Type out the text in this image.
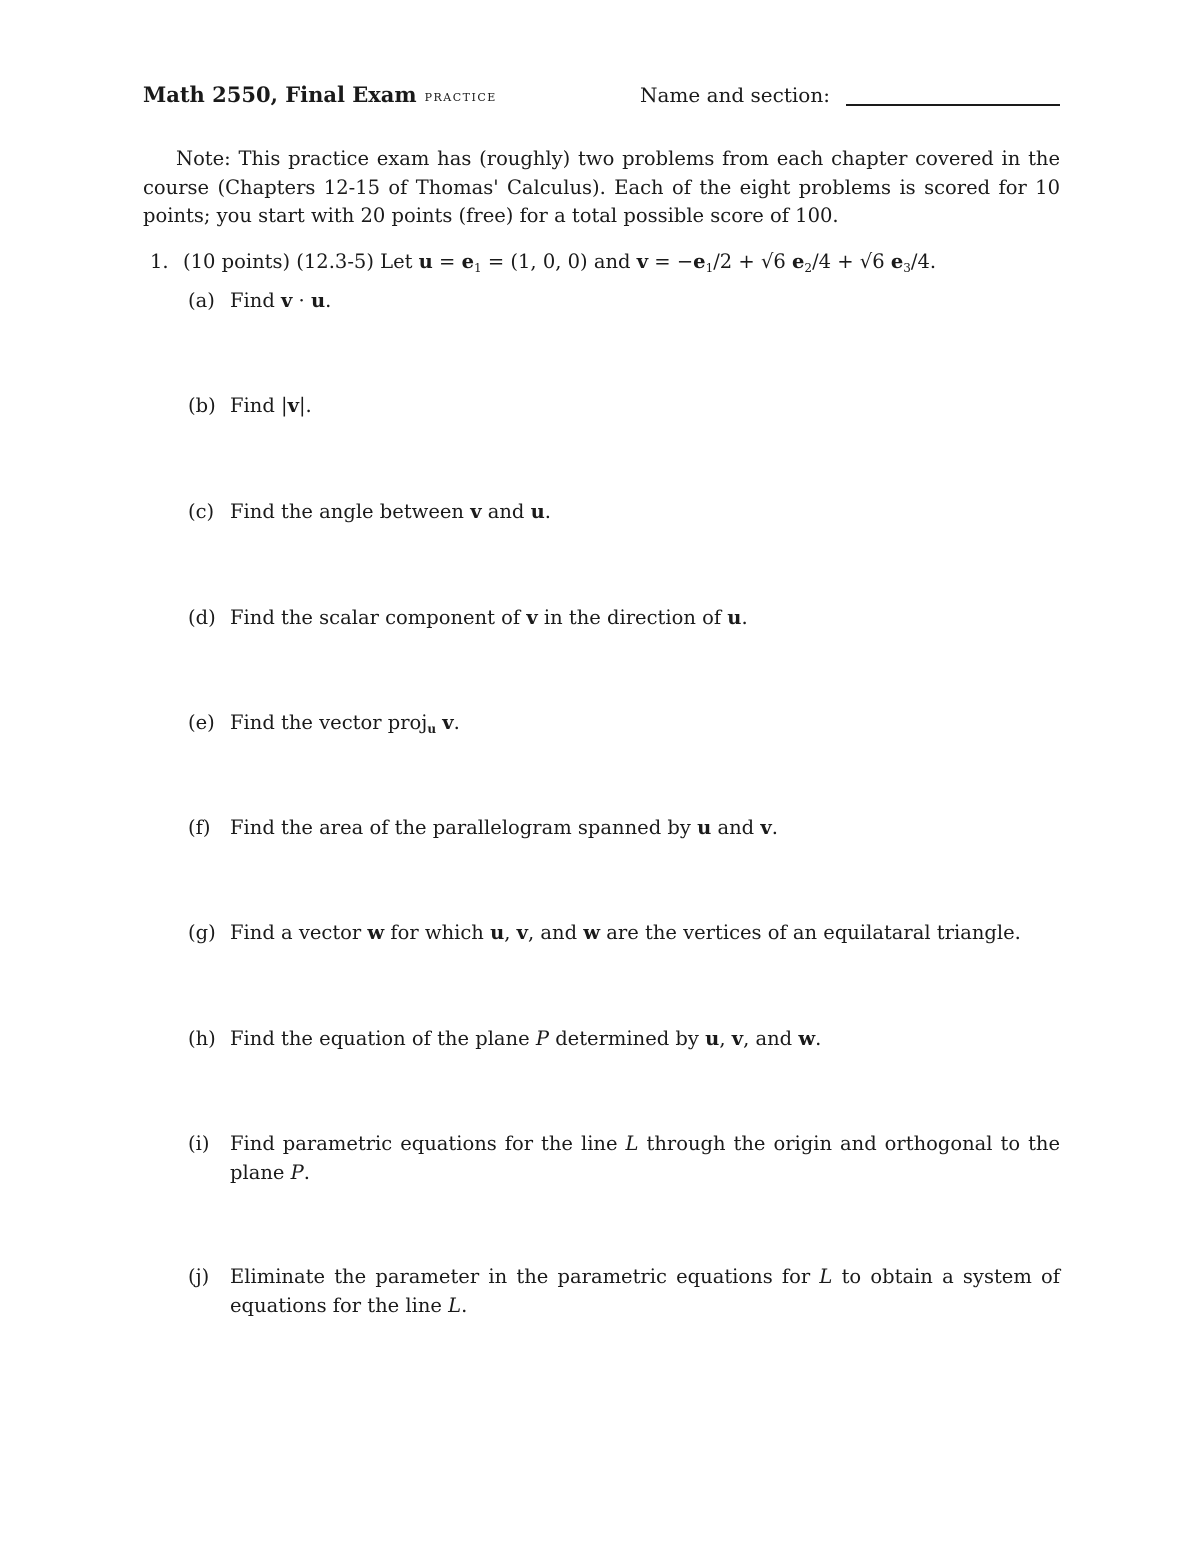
Math 2550, Final Exam PRACTICE	Name and section:
Note: This practice exam has (roughly) two problems from each chapter covered in the course (Chapters 12-15 of Thomas' Calculus). Each of the eight problems is scored for 10 points; you start with 20 points (free) for a total possible score of 100.
1. (10 points) (12.3-5) Let $u = e_1 = (1$, 0, 0) and $v = -e_1/2 + √6$ $e_2/4 + √6$ $e_3/4$.
(a) Find v · u.
(b) Find |v|.
(c) Find the angle between v and u.
(d) Find the scalar component of v in the direction of u.
(e) Find the vector proj$_u$ v.
(f)	Find the area of the parallelogram spanned by u and v.
(g) Find a vector w for which u, v, and w are the vertices of an equilataral triangle.
(h) Find the equation of the plane P determined by u, v, and w.
(i)	Find parametric equations for the line L through the origin and orthogonal to the plane P.
(j)	Eliminate the parameter in the parametric equations for L to obtain a system of equations for the line L.
